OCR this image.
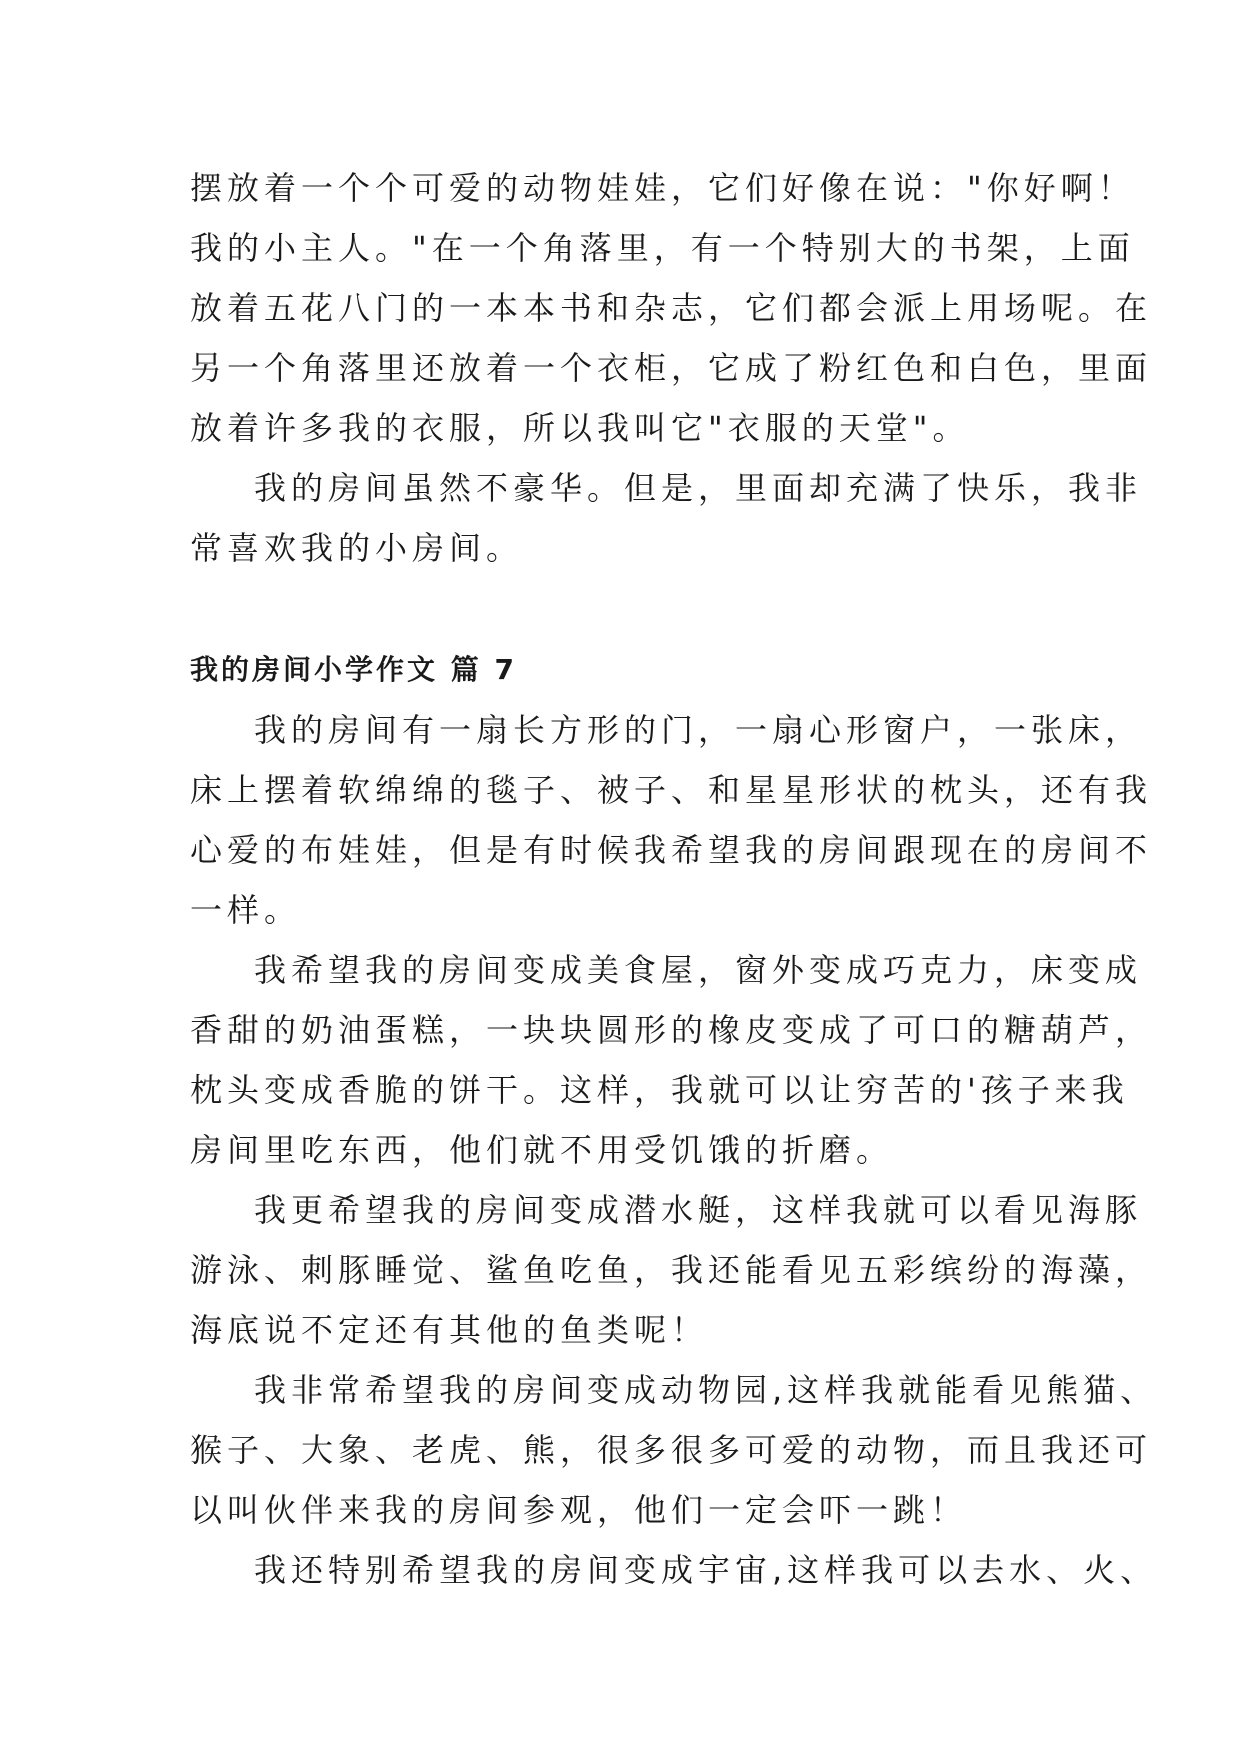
摆放着一个个可爱的动物娃娃，它们好像在说："你好啊！
我的小主人。"在一个角落里，有一个特别大的书架，上面
放着五花八门的一本本书和杂志，它们都会派上用场呢。在
另一个角落里还放着一个衣柜，它成了粉红色和白色，里面
放着许多我的衣服，所以我叫它"衣服的天堂"。

我的房间虽然不豪华。但是，里面却充满了快乐，我非
常喜欢我的小房间。

我的房间小学作文 篇 7

我的房间有一扇长方形的门，一扇心形窗户，一张床，
床上摆着软绵绵的毯子、被子、和星星形状的枕头，还有我
心爱的布娃娃，但是有时候我希望我的房间跟现在的房间不
一样。

我希望我的房间变成美食屋，窗外变成巧克力，床变成
香甜的奶油蛋糕，一块块圆形的橡皮变成了可口的糖葫芦，
枕头变成香脆的饼干。这样，我就可以让穷苦的'孩子来我
房间里吃东西，他们就不用受饥饿的折磨。

我更希望我的房间变成潜水艇，这样我就可以看见海豚
游泳、刺豚睡觉、鲨鱼吃鱼，我还能看见五彩缤纷的海藻，
海底说不定还有其他的鱼类呢！

我非常希望我的房间变成动物园,这样我就能看见熊猫、
猴子、大象、老虎、熊，很多很多可爱的动物，而且我还可
以叫伙伴来我的房间参观，他们一定会吓一跳！

我还特别希望我的房间变成宇宙,这样我可以去水、火、
